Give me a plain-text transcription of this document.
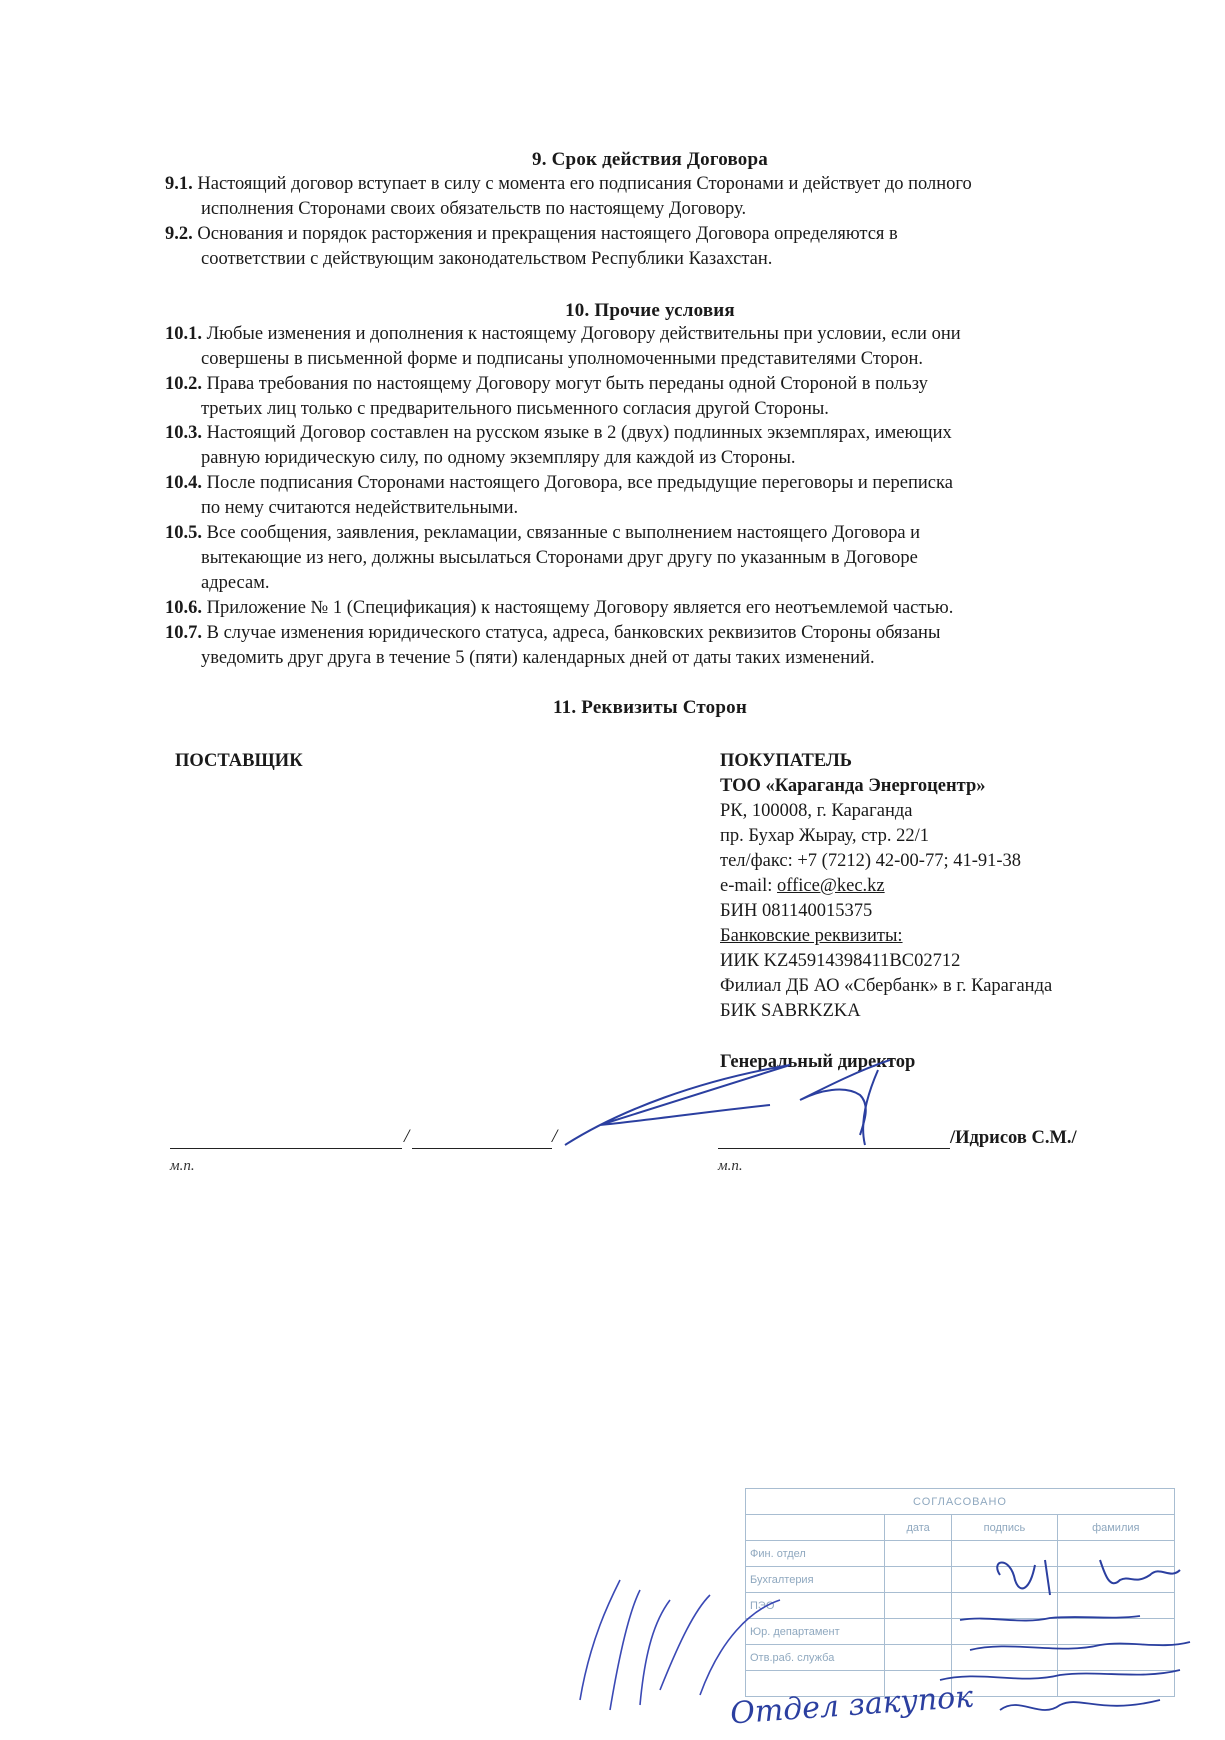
9. Срок действия Договора
9.1. Настоящий договор вступает в силу с момента его подписания Сторонами и действует до полного
исполнения Сторонами своих обязательств по настоящему Договору.
9.2. Основания и порядок расторжения и прекращения настоящего Договора определяются в
соответствии с действующим законодательством Республики Казахстан.
10. Прочие условия
10.1. Любые изменения и дополнения к настоящему Договору действительны при условии, если они
совершены в письменной форме и подписаны уполномоченными представителями Сторон.
10.2. Права требования по настоящему Договору могут быть переданы одной Стороной в пользу
третьих лиц только с предварительного письменного согласия другой Стороны.
10.3. Настоящий Договор составлен на русском языке в 2 (двух) подлинных экземплярах, имеющих
равную юридическую силу, по одному экземпляру для каждой из Стороны.
10.4. После подписания Сторонами настоящего Договора, все предыдущие переговоры и переписка
по нему считаются недействительными.
10.5. Все сообщения, заявления, рекламации, связанные с выполнением настоящего Договора и
вытекающие из него, должны высылаться Сторонами друг другу по указанным в Договоре
адресам.
10.6. Приложение № 1 (Спецификация) к настоящему Договору является его неотъемлемой частью.
10.7. В случае изменения юридического статуса, адреса, банковских реквизитов Стороны обязаны
уведомить друг друга в течение 5 (пяти) календарных дней от даты таких изменений.
11. Реквизиты Сторон
ПОСТАВЩИК	ПОКУПАТЕЛЬ
ТОО «Караганда Энергоцентр»
РК, 100008, г. Караганда
пр. Бухар Жырау, стр. 22/1
тел/факс: +7 (7212) 42-00-77; 41-91-38
e-mail: office@kec.kz
БИН 081140015375
Банковские реквизиты:
ИИК KZ45914398411BC02712
Филиал ДБ АО «Сбербанк» в г. Караганда
БИК SABRKZKA
Генеральный директор
/	/
м.п.
/Идрисов С.М./
м.п.
СОГЛАСОВАНО			
	дата	подпись	фамилия
Фин. отдел			
Бухгалтерия			
ПЭО			
Юр. департамент			
Отв.раб. служба			

Отдел закупок
